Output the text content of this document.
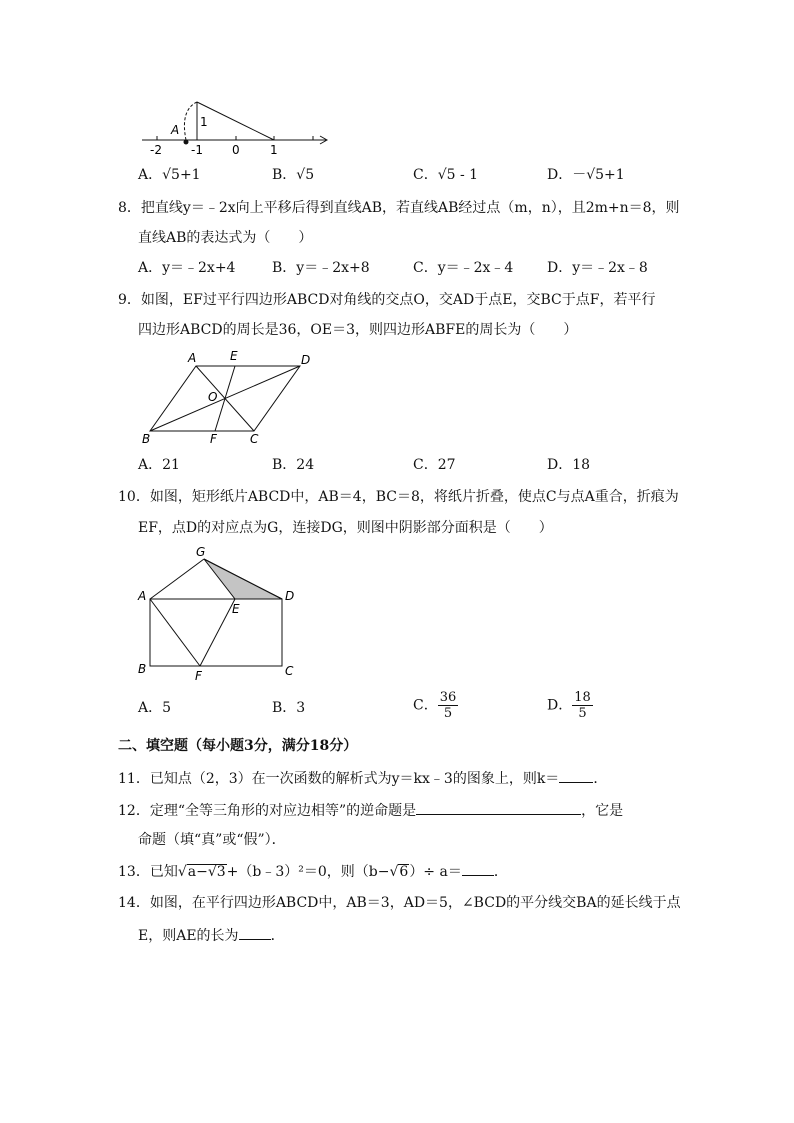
A
1
-2 -1 0	1
A．√5+1	B．√5	C．√5 - 1	D．－√5+1
8．把直线y＝﹣2x向上平移后得到直线AB，若直线AB经过点（m，n），且2m+n＝8，则
直线AB的表达式为（　　）
A．y＝﹣2x+4	B．y＝﹣2x+8	C．y＝﹣2x﹣4 D．y＝﹣2x﹣8
9．如图，EF过平行四边形ABCD对角线的交点O，交AD于点E，交BC于点F，若平行
四边形ABCD的周长是36，OE＝3，则四边形ABFE的周长为（　　）
A	E	D
O
B	F	C
A．21	B．24	C．27	D．18
10．如图，矩形纸片ABCD中，AB＝4，BC＝8，将纸片折叠，使点C与点A重合，折痕为
EF，点D的对应点为G，连接DG，则图中阴影部分面积是（　　）
G
A
E
D
B	F	C
A．5	B．3	C． $\frac{36}{5}$	D． $\frac{18}{5}$
二、填空题（每小题3分，满分18分）
11．已知点（2，3）在一次函数的解析式为y＝kx﹣3的图象上，则k＝ ．
12．定理“全等三角形的对应边相等”的逆命题是	，它是
命题（填“真”或“假”）．
13．已知√a−√3+（b﹣3）²＝0，则（b−√6）÷ a＝ ．
14．如图，在平行四边形ABCD中，AB＝3，AD＝5，∠BCD的平分线交BA的延长线于点
E，则AE的长为 ．
